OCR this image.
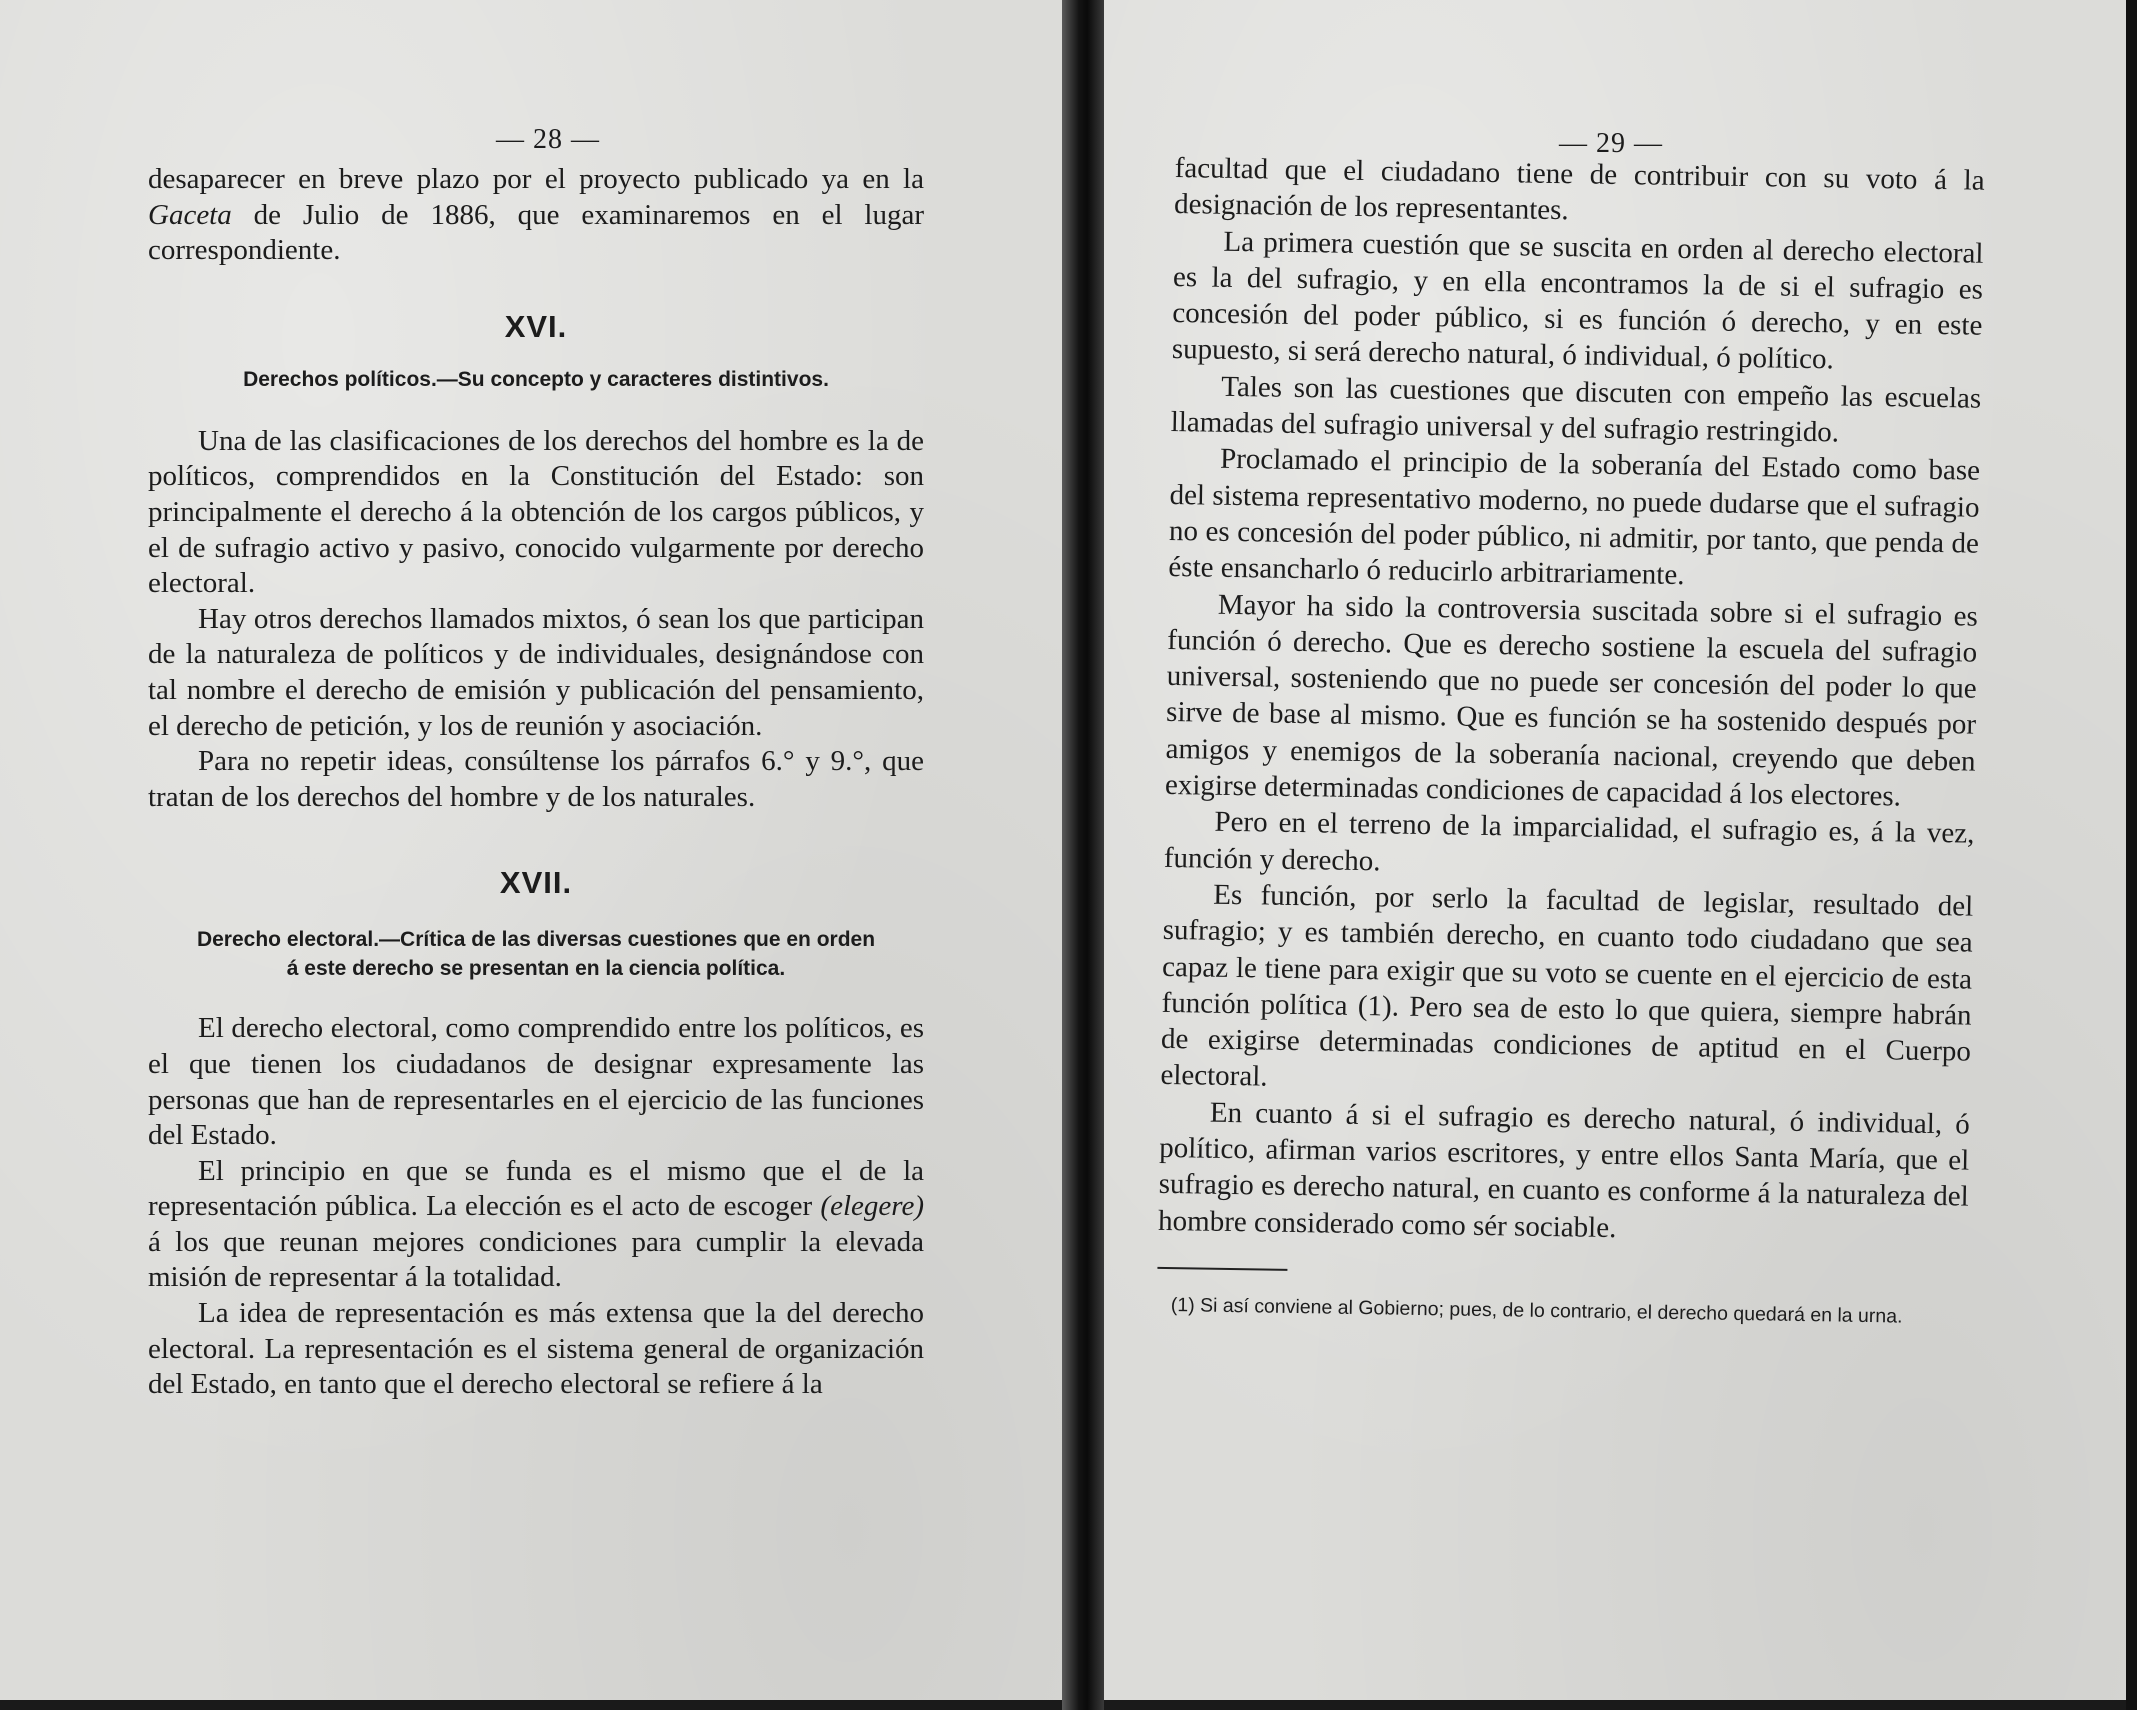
— 28 —

desaparecer en breve plazo por el proyecto publicado ya en la Gaceta de Julio de 1886, que examinaremos en el lugar correspondiente.

XVI.

Derechos políticos.—Su concepto y caracteres distintivos.

Una de las clasificaciones de los derechos del hombre es la de políticos, comprendidos en la Constitución del Estado: son principalmente el derecho á la obtención de los cargos públicos, y el de sufragio activo y pasivo, conocido vulgarmente por derecho electoral.

Hay otros derechos llamados mixtos, ó sean los que participan de la naturaleza de políticos y de individuales, designándose con tal nombre el derecho de emisión y publicación del pensamiento, el derecho de petición, y los de reunión y asociación.

Para no repetir ideas, consúltense los párrafos 6.° y 9.°, que tratan de los derechos del hombre y de los naturales.

XVII.

Derecho electoral.—Crítica de las diversas cuestiones que en orden

á este derecho se presentan en la ciencia política.

El derecho electoral, como comprendido entre los políticos, es el que tienen los ciudadanos de designar expresamente las personas que han de representarles en el ejercicio de las funciones del Estado.

El principio en que se funda es el mismo que el de la representación pública. La elección es el acto de escoger (elegere) á los que reunan mejores condiciones para cumplir la elevada misión de representar á la totalidad.

La idea de representación es más extensa que la del derecho electoral. La representación es el sistema general de organización del Estado, en tanto que el derecho electoral se refiere á la

— 29 —

facultad que el ciudadano tiene de contribuir con su voto á la designación de los representantes.

La primera cuestión que se suscita en orden al derecho electoral es la del sufragio, y en ella encontramos la de si el sufragio es concesión del poder público, si es función ó derecho, y en este supuesto, si será derecho natural, ó individual, ó político.

Tales son las cuestiones que discuten con empeño las escuelas llamadas del sufragio universal y del sufragio restringido.

Proclamado el principio de la soberanía del Estado como base del sistema representativo moderno, no puede dudarse que el sufragio no es concesión del poder público, ni admitir, por tanto, que penda de éste ensancharlo ó reducirlo arbitrariamente.

Mayor ha sido la controversia suscitada sobre si el sufragio es función ó derecho. Que es derecho sostiene la escuela del sufragio universal, sosteniendo que no puede ser concesión del poder lo que sirve de base al mismo. Que es función se ha sostenido después por amigos y enemigos de la soberanía nacional, creyendo que deben exigirse determinadas condiciones de capacidad á los electores.

Pero en el terreno de la imparcialidad, el sufragio es, á la vez, función y derecho.

Es función, por serlo la facultad de legislar, resultado del sufragio; y es también derecho, en cuanto todo ciudadano que sea capaz le tiene para exigir que su voto se cuente en el ejercicio de esta función política (1). Pero sea de esto lo que quiera, siempre habrán de exigirse determinadas condiciones de aptitud en el Cuerpo electoral.

En cuanto á si el sufragio es derecho natural, ó individual, ó político, afirman varios escritores, y entre ellos Santa María, que el sufragio es derecho natural, en cuanto es conforme á la naturaleza del hombre considerado como sér sociable.

(1) Si así conviene al Gobierno; pues, de lo contrario, el derecho quedará en la urna.
